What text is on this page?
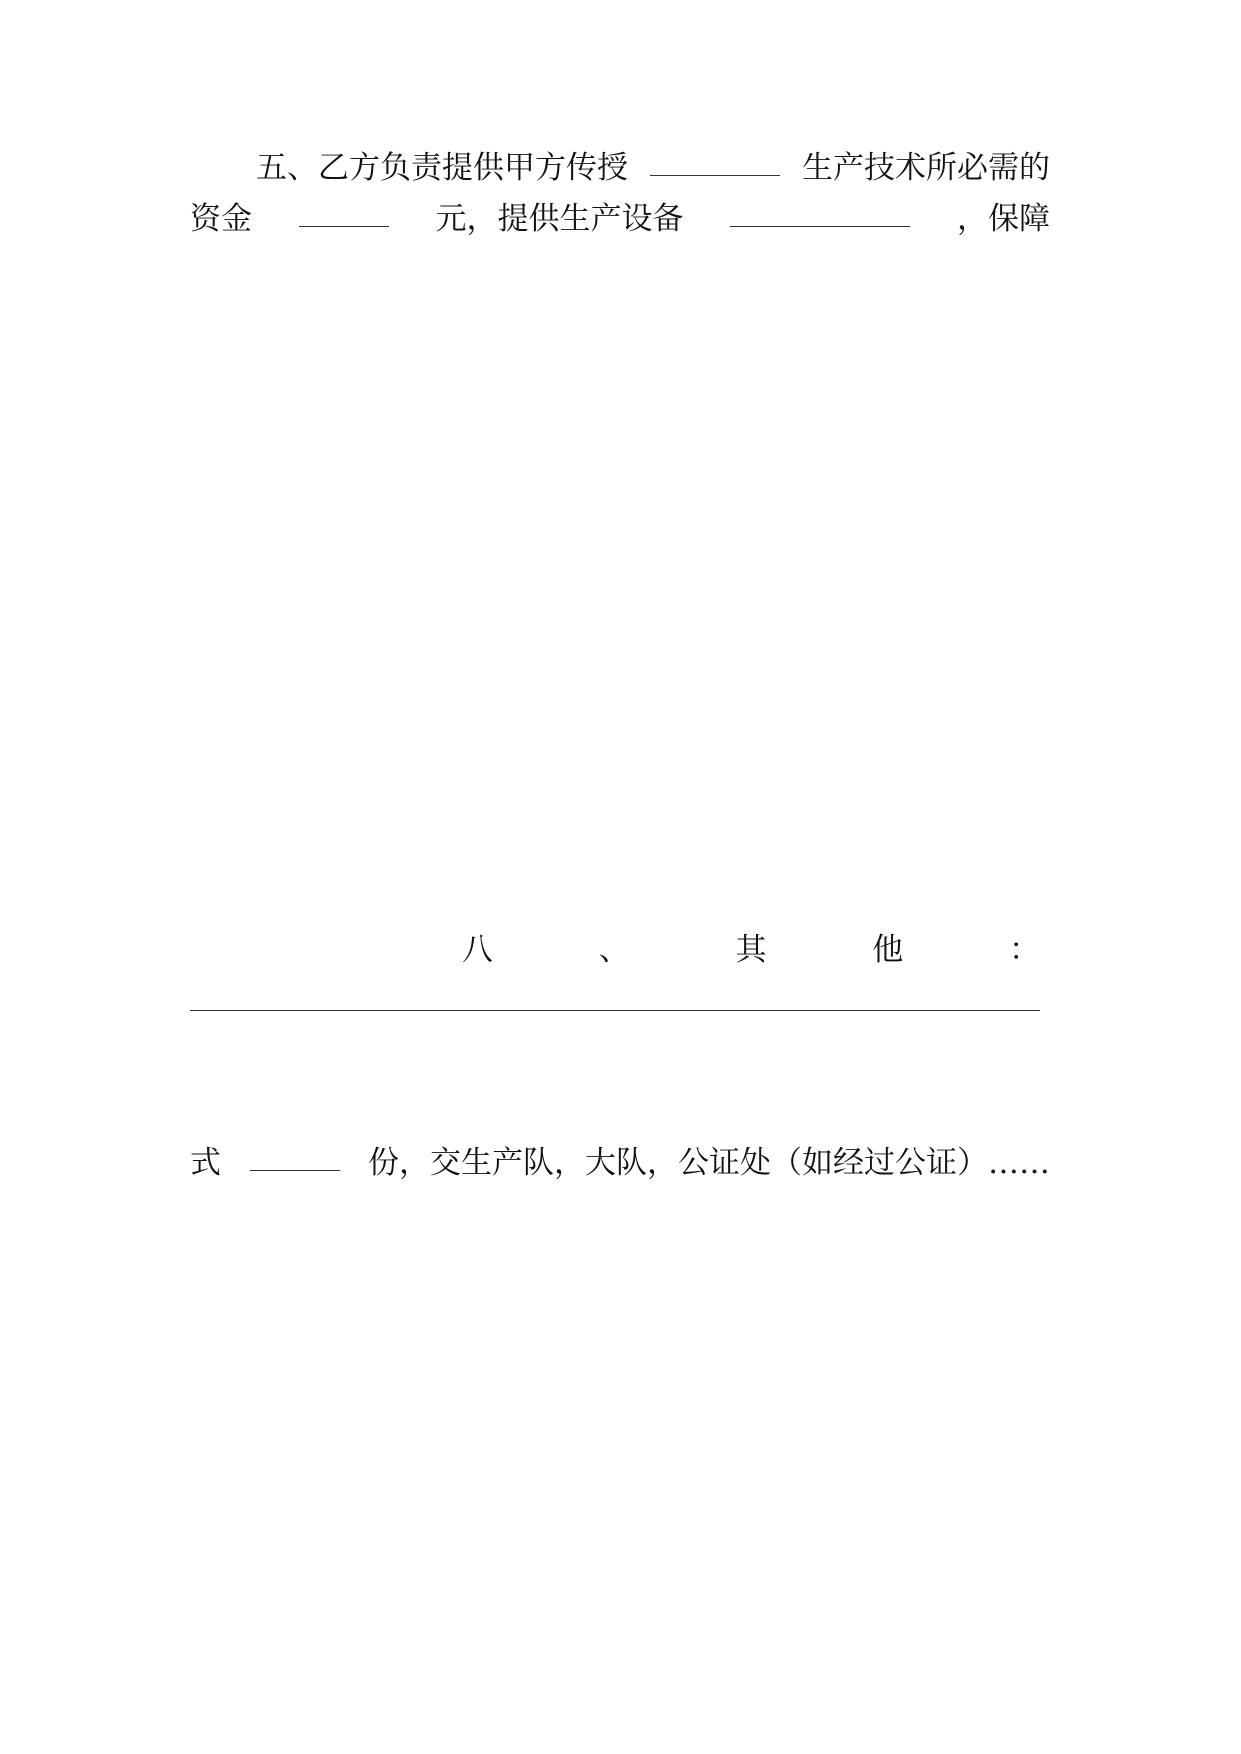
五、乙方负责提供甲方传授	生产技术所必需的
资金	元，提供生产设备	，保障

八	、	其	他	：

式	份，交生产队，大队，公证处（如经过公证）……
